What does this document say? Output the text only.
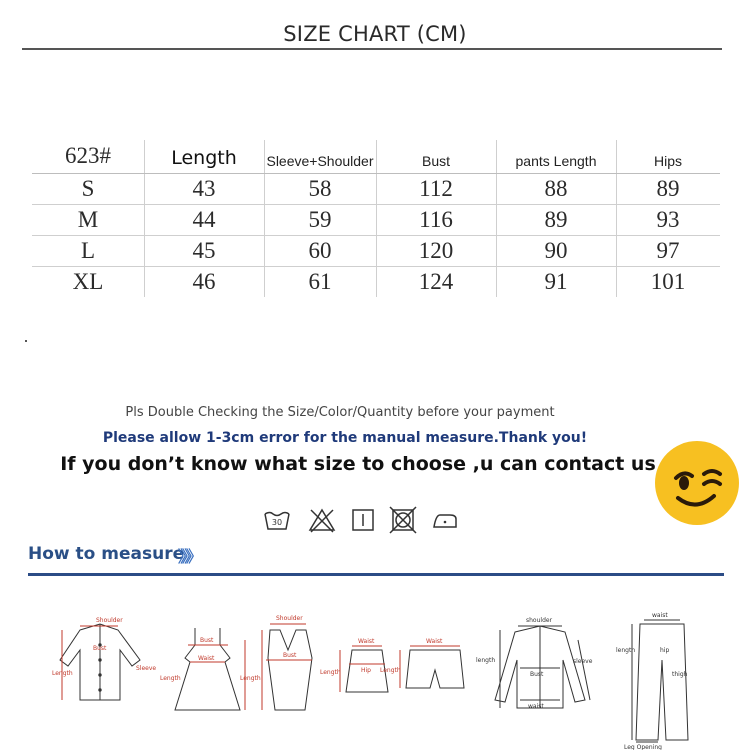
SIZE CHART (CM)
623#	Length	Sleeve+Shoulder	Bust	pants Length	Hips
S	43	58	112	88	89
M	44	59	116	89	93
L	45	60	120	90	97
XL	46	61	124	91	101
Pls Double Checking the Size/Color/Quantity before your payment
Please allow 1-3cm error for the manual measure.Thank you!
If you don’t know what size to choose ,u can contact us
30
How to measure
》》》
Shoulder
Sleeve
Length
Bust
Bust
Waist
Length
Shoulder
Bust
Length
Waist
Hip
Length
Waist
Length
shoulder
length	sleeve
Bust
waist
waist
length	hip
thigh
Leg Opening
